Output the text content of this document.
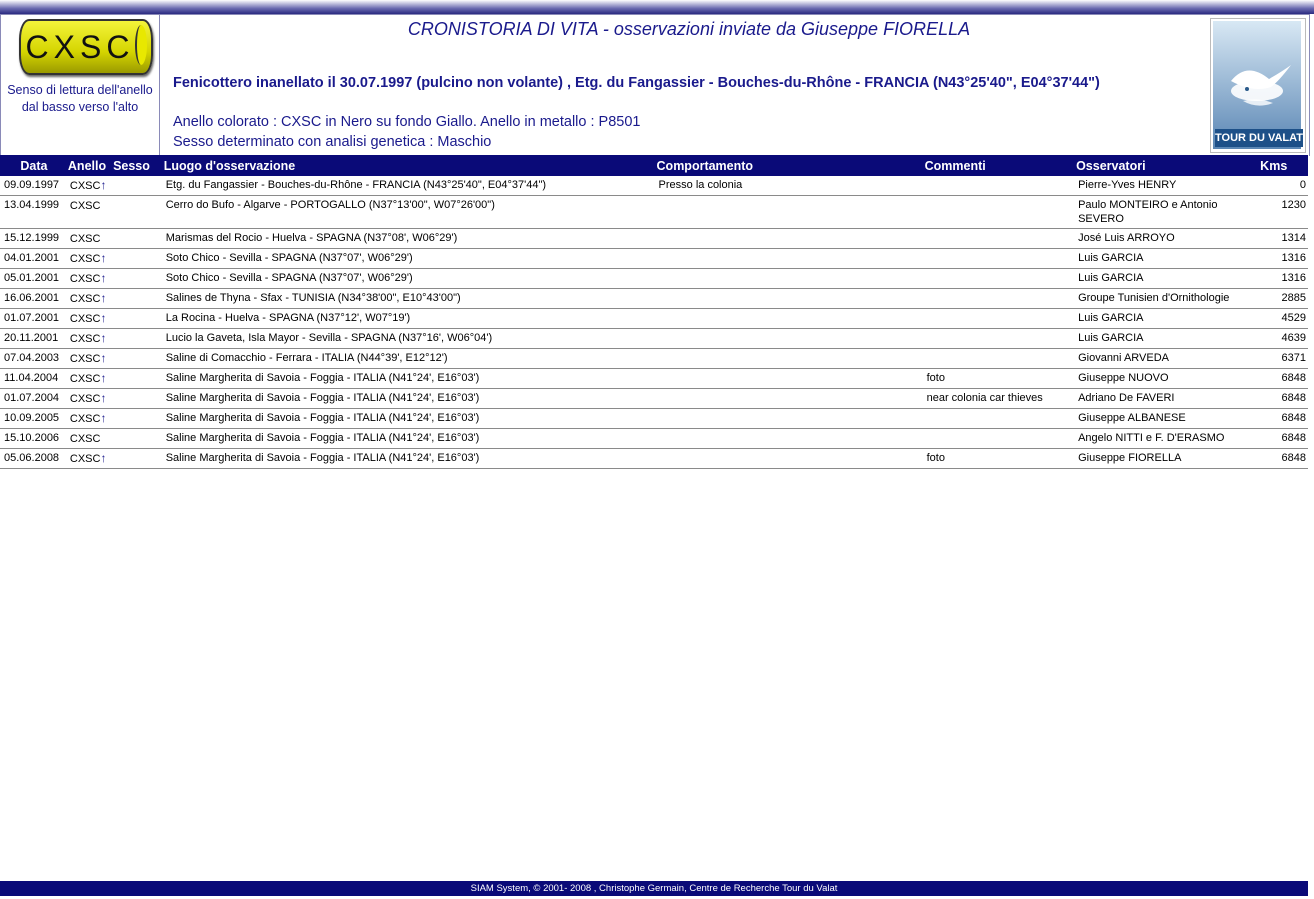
CXSC
Senso di lettura dell'anello dal basso verso l'alto
CRONISTORIA DI VITA - osservazioni inviate da Giuseppe FIORELLA
Fenicottero inanellato il 30.07.1997 (pulcino non volante) , Etg. du Fangassier - Bouches-du-Rhône - FRANCIA (N43°25'40", E04°37'44")
Anello colorato : CXSC in Nero su fondo Giallo. Anello in metallo : P8501
Sesso determinato con analisi genetica : Maschio	TOUR DU VALAT
Data	Anello Sesso	Luogo d'osservazione	Comportamento	Commenti	Osservatori	Kms
09.09.1997	CXSC↑	Etg. du Fangassier - Bouches-du-Rhône - FRANCIA (N43°25'40", E04°37'44")	Presso la colonia		Pierre-Yves HENRY	0
13.04.1999	CXSC	Cerro do Bufo - Algarve - PORTOGALLO (N37°13'00", W07°26'00")			Paulo MONTEIRO e Antonio SEVERO	1230
15.12.1999	CXSC	Marismas del Rocio - Huelva - SPAGNA (N37°08', W06°29')			José Luis ARROYO	1314
04.01.2001	CXSC↑	Soto Chico - Sevilla - SPAGNA (N37°07', W06°29')			Luis GARCIA	1316
05.01.2001	CXSC↑	Soto Chico - Sevilla - SPAGNA (N37°07', W06°29')			Luis GARCIA	1316
16.06.2001	CXSC↑	Salines de Thyna - Sfax - TUNISIA (N34°38'00", E10°43'00")			Groupe Tunisien d'Ornithologie	2885
01.07.2001	CXSC↑	La Rocina - Huelva - SPAGNA (N37°12', W07°19')			Luis GARCIA	4529
20.11.2001	CXSC↑	Lucio la Gaveta, Isla Mayor - Sevilla - SPAGNA (N37°16', W06°04')			Luis GARCIA	4639
07.04.2003	CXSC↑	Saline di Comacchio - Ferrara - ITALIA (N44°39', E12°12')			Giovanni ARVEDA	6371
11.04.2004	CXSC↑	Saline Margherita di Savoia - Foggia - ITALIA (N41°24', E16°03')		foto	Giuseppe NUOVO	6848
01.07.2004	CXSC↑	Saline Margherita di Savoia - Foggia - ITALIA (N41°24', E16°03')		near colonia car thieves	Adriano De FAVERI	6848
10.09.2005	CXSC↑	Saline Margherita di Savoia - Foggia - ITALIA (N41°24', E16°03')			Giuseppe ALBANESE	6848
15.10.2006	CXSC	Saline Margherita di Savoia - Foggia - ITALIA (N41°24', E16°03')			Angelo NITTI e F. D'ERASMO	6848
05.06.2008	CXSC↑	Saline Margherita di Savoia - Foggia - ITALIA (N41°24', E16°03')		foto	Giuseppe FIORELLA	6848
SIAM System, © 2001- 2008 , Christophe Germain, Centre de Recherche Tour du Valat
